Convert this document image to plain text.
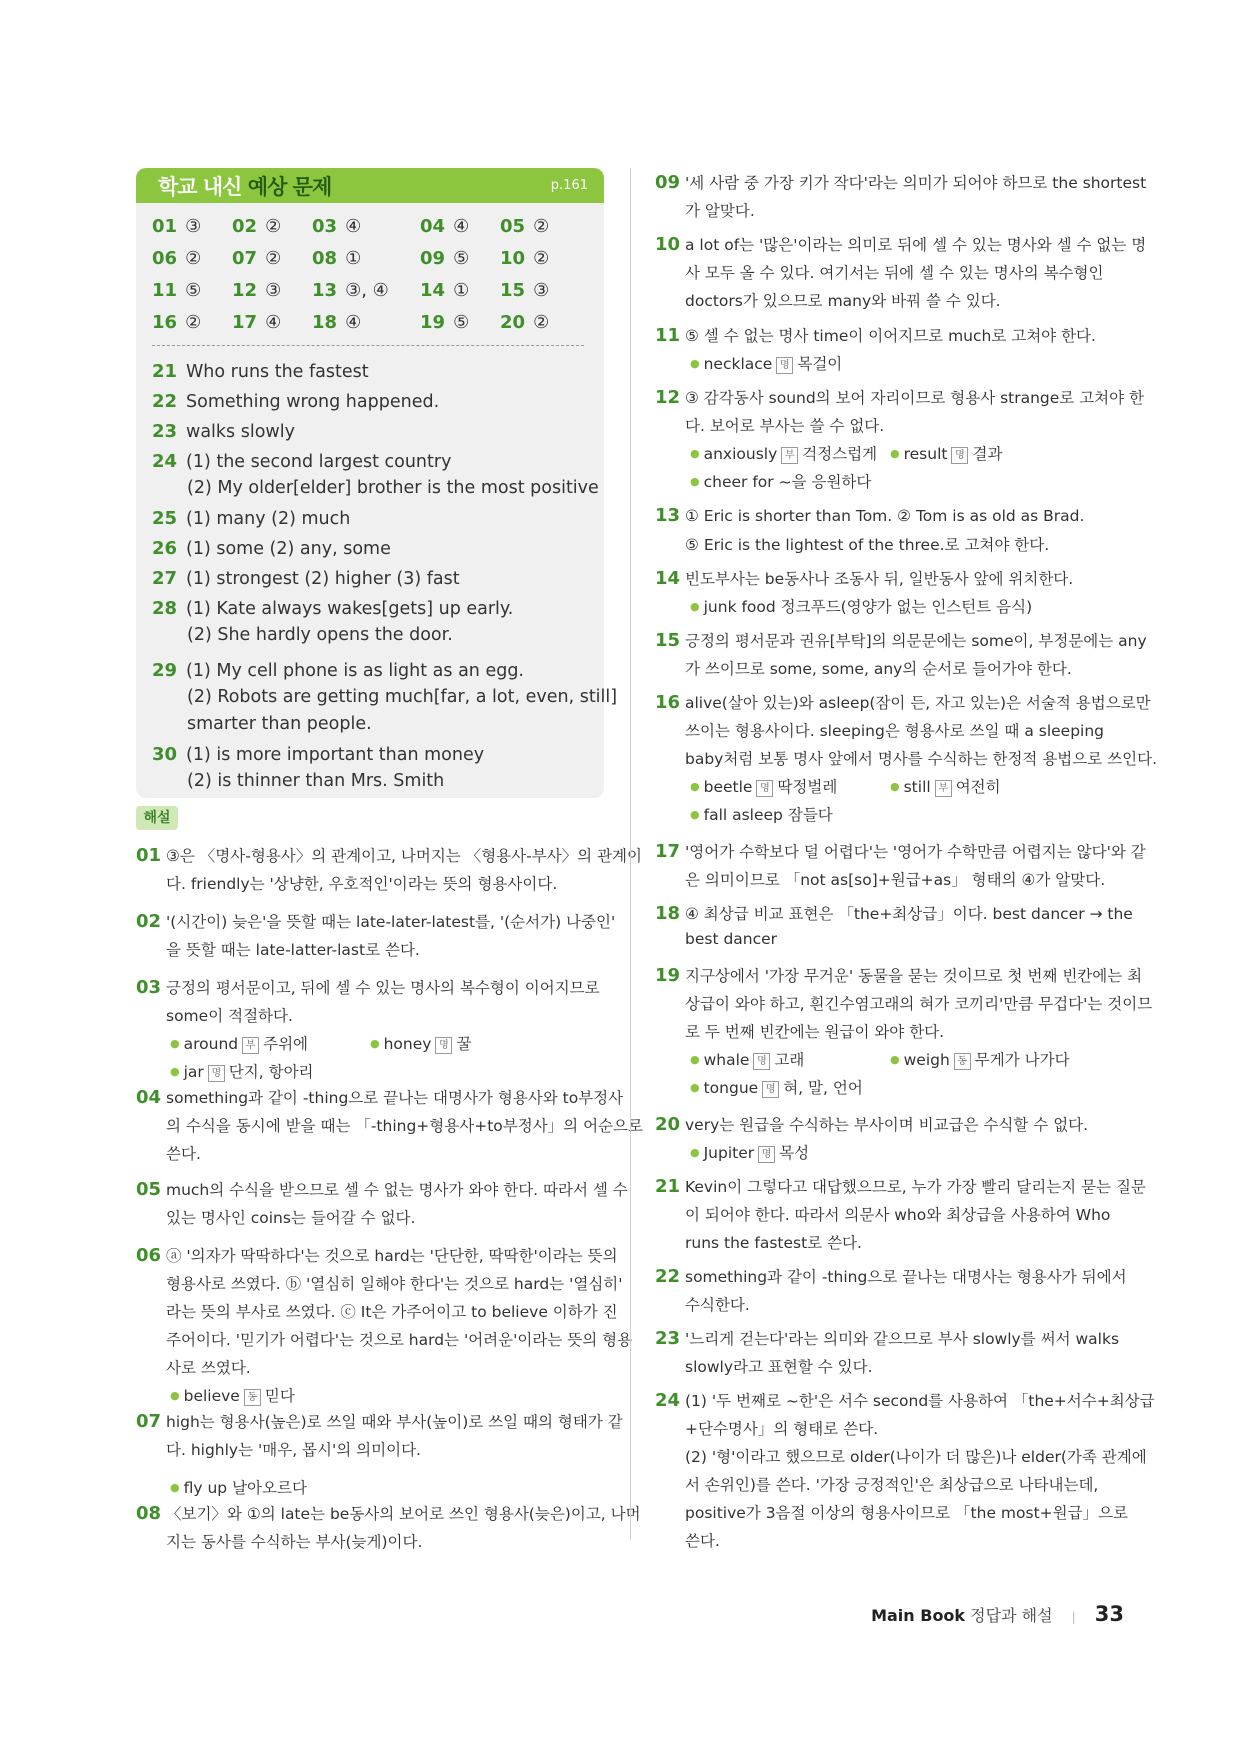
학교 내신 예상 문제	p.161
01 ③ 02 ② 03 ④	04 ④ 05 ②
06 ② 07 ② 08 ①	09 ⑤ 10 ②
11 ⑤ 12 ③ 13 ③, ④ 14 ① 15 ③
16 ② 17 ④ 18 ④	19 ⑤ 20 ②
21 Who runs the fastest
22 Something wrong happened.
23 walks slowly
24 (1) the second largest country
(2) My older[elder] brother is the most positive
25 (1) many (2) much
26 (1) some (2) any, some
27 (1) strongest (2) higher (3) fast
28 (1) Kate always wakes[gets] up early.
(2) She hardly opens the door.
29 (1) My cell phone is as light as an egg.
(2) Robots are getting much[far, a lot, even, still]
smarter than people.
30 (1) is more important than money
(2) is thinner than Mrs. Smith
해설
01 ③은 〈명사-형용사〉의 관계이고, 나머지는 〈형용사-부사〉의 관계이
다. friendly는 '상냥한, 우호적인'이라는 뜻의 형용사이다.
02 '(시간이) 늦은'을 뜻할 때는 late-later-latest를, '(순서가) 나중인'
을 뜻할 때는 late-latter-last로 쓴다.
03 긍정의 평서문이고, 뒤에 셀 수 있는 명사의 복수형이 이어지므로
some이 적절하다.
04 something과 같이 -thing으로 끝나는 대명사가 형용사와 to부정사
의 수식을 동시에 받을 때는 「-thing+형용사+to부정사」의 어순으로
쓴다.
05 much의 수식을 받으므로 셀 수 없는 명사가 와야 한다. 따라서 셀 수
있는 명사인 coins는 들어갈 수 없다.
06 ⓐ '의자가 딱딱하다'는 것으로 hard는 '단단한, 딱딱한'이라는 뜻의
형용사로 쓰였다. ⓑ '열심히 일해야 한다'는 것으로 hard는 '열심히'
라는 뜻의 부사로 쓰였다. ⓒ It은 가주어이고 to believe 이하가 진
주어이다. '믿기가 어렵다'는 것으로 hard는 '어려운'이라는 뜻의 형용
사로 쓰였다.
07 high는 형용사(높은)로 쓰일 때와 부사(높이)로 쓰일 때의 형태가 같
다. highly는 '매우, 몹시'의 의미이다.
08 〈보기〉와 ①의 late는 be동사의 보어로 쓰인 형용사(늦은)이고, 나머
지는 동사를 수식하는 부사(늦게)이다.
09 '세 사람 중 가장 키가 작다'라는 의미가 되어야 하므로 the shortest
가 알맞다.
10 a lot of는 '많은'이라는 의미로 뒤에 셀 수 있는 명사와 셀 수 없는 명
사 모두 올 수 있다. 여기서는 뒤에 셀 수 있는 명사의 복수형인
doctors가 있으므로 many와 바꿔 쓸 수 있다.
11 ⑤ 셀 수 없는 명사 time이 이어지므로 much로 고쳐야 한다.
12 ③ 감각동사 sound의 보어 자리이므로 형용사 strange로 고쳐야 한
다. 보어로 부사는 쓸 수 없다.
13 ① Eric is shorter than Tom. ② Tom is as old as Brad.
⑤ Eric is the lightest of the three.로 고쳐야 한다.
14 빈도부사는 be동사나 조동사 뒤, 일반동사 앞에 위치한다.
15 긍정의 평서문과 권유[부탁]의 의문문에는 some이, 부정문에는 any
가 쓰이므로 some, some, any의 순서로 들어가야 한다.
16 alive(살아 있는)와 asleep(잠이 든, 자고 있는)은 서술적 용법으로만
쓰이는 형용사이다. sleeping은 형용사로 쓰일 때 a sleeping
baby처럼 보통 명사 앞에서 명사를 수식하는 한정적 용법으로 쓰인다.
17 '영어가 수학보다 덜 어렵다'는 '영어가 수학만큼 어렵지는 않다'와 같
은 의미이므로 「not as[so]+원급+as」 형태의 ④가 알맞다.
18 ④ 최상급 비교 표현은 「the+최상급」이다. best dancer → the
best dancer
19 지구상에서 '가장 무거운' 동물을 묻는 것이므로 첫 번째 빈칸에는 최
상급이 와야 하고, 흰긴수염고래의 혀가 코끼리'만큼 무겁다'는 것이므
로 두 번째 빈칸에는 원급이 와야 한다.
20 very는 원급을 수식하는 부사이며 비교급은 수식할 수 없다.
21 Kevin이 그렇다고 대답했으므로, 누가 가장 빨리 달리는지 묻는 질문
이 되어야 한다. 따라서 의문사 who와 최상급을 사용하여 Who
runs the fastest로 쓴다.
22 something과 같이 -thing으로 끝나는 대명사는 형용사가 뒤에서
수식한다.
23 '느리게 걷는다'라는 의미와 같으므로 부사 slowly를 써서 walks
slowly라고 표현할 수 있다.
24 (1) '두 번째로 ~한'은 서수 second를 사용하여 「the+서수+최상급
+단수명사」의 형태로 쓴다.
(2) '형'이라고 했으므로 older(나이가 더 많은)나 elder(가족 관계에
서 손위인)를 쓴다. '가장 긍정적인'은 최상급으로 나타내는데,
positive가 3음절 이상의 형용사이므로 「the most+원급」으로
쓴다.
● around 부 주위에	● honey 명 꿀
● jar 명 단지, 항아리
● believe 동 믿다
● fly up 날아오르다
● necklace 명 목걸이
● anxiously 부 걱정스럽게 ● result 명 결과
● cheer for ~을 응원하다
● junk food 정크푸드(영양가 없는 인스턴트 음식)
● beetle 명 딱정벌레	● still 부 여전히
● fall asleep 잠들다
● whale 명 고래	● weigh 동 무게가 나가다
● tongue 명 혀, 말, 언어
● Jupiter 명 목성
Main Book 정답과 해설 | 33
